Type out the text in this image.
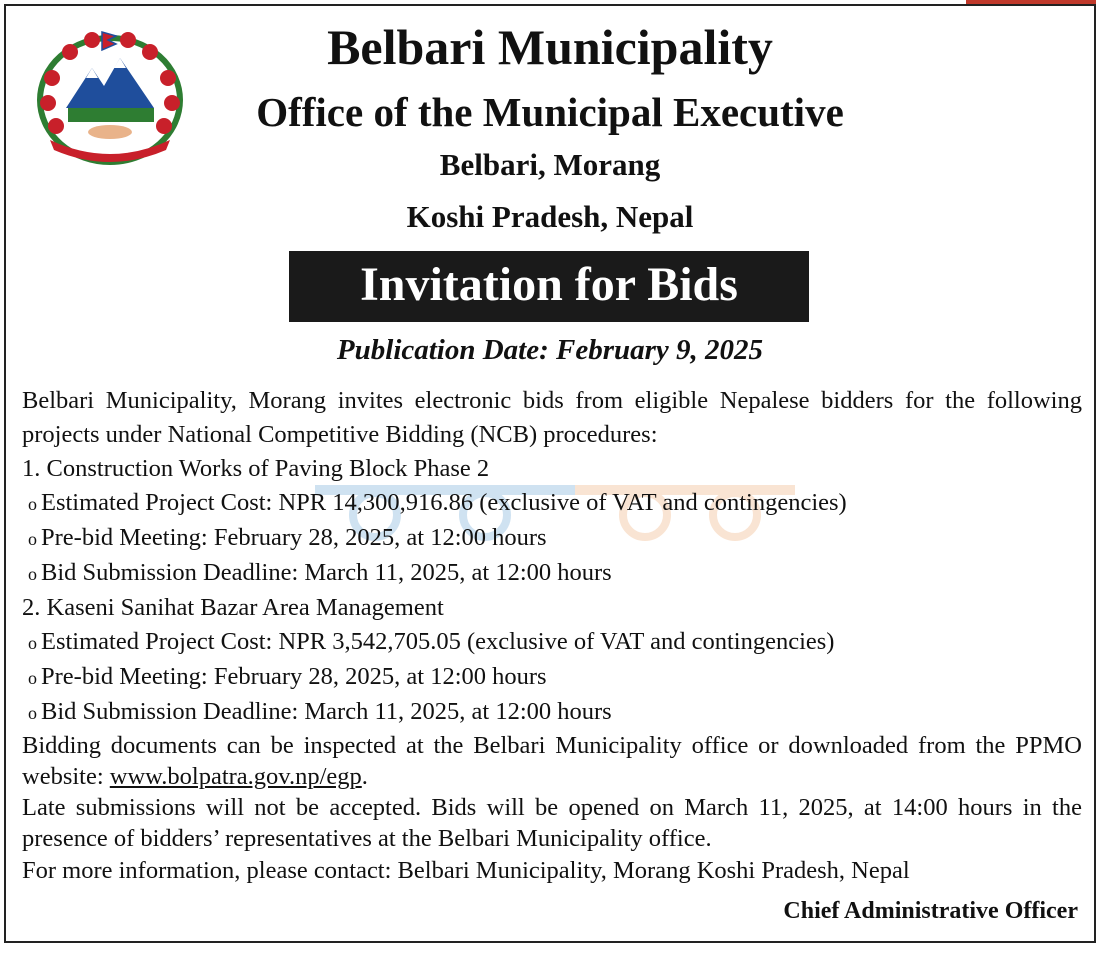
Belbari Municipality
Office of the Municipal Executive
Belbari, Morang
Koshi Pradesh, Nepal
Invitation for Bids
Publication Date: February 9, 2025

Belbari Municipality, Morang invites electronic bids from eligible Nepalese bidders for the following projects under National Competitive Bidding (NCB) procedures:

1. Construction Works of Paving Block Phase 2

o Estimated Project Cost: NPR 14,300,916.86 (exclusive of VAT and contingencies)

o Pre-bid Meeting: February 28, 2025, at 12:00 hours

o Bid Submission Deadline: March 11, 2025, at 12:00 hours

2. Kaseni Sanihat Bazar Area Management

o Estimated Project Cost: NPR 3,542,705.05 (exclusive of VAT and contingencies)

o Pre-bid Meeting: February 28, 2025, at 12:00 hours

o Bid Submission Deadline: March 11, 2025, at 12:00 hours

Bidding documents can be inspected at the Belbari Municipality office or downloaded from the PPMO website: www.bolpatra.gov.np/egp.

Late submissions will not be accepted. Bids will be opened on March 11, 2025, at 14:00 hours in the presence of bidders’ representatives at the Belbari Municipality office.

For more information, please contact: Belbari Municipality, Morang Koshi Pradesh, Nepal

Chief Administrative Officer
